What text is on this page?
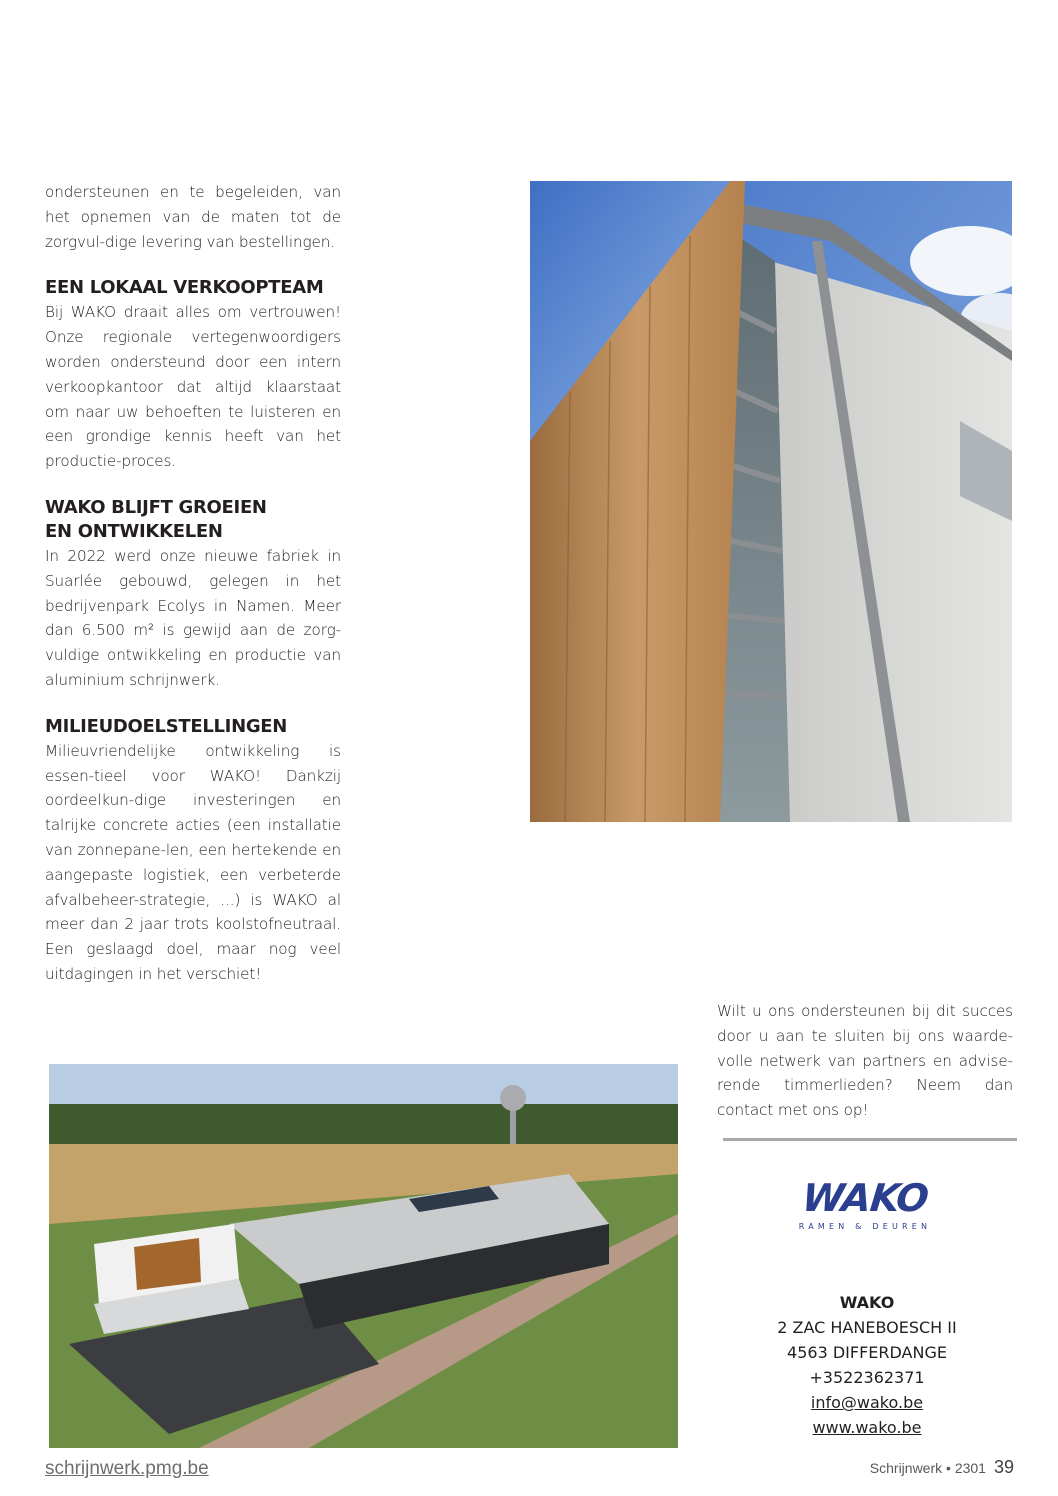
ondersteunen en te begeleiden, van het opnemen van de maten tot de zorgvul-dige levering van bestellingen.

EEN LOKAAL VERKOOPTEAM

Bij WAKO draait alles om vertrouwen! Onze regionale vertegenwoordigers worden ondersteund door een intern verkoopkantoor dat altijd klaarstaat om naar uw behoeften te luisteren en een grondige kennis heeft van het productie-proces.

WAKO BLIJFT GROEIEN
EN ONTWIKKELEN

In 2022 werd onze nieuwe fabriek in Suarlée gebouwd, gelegen in het bedrijvenpark Ecolys in Namen. Meer dan 6.500 m² is gewijd aan de zorg-vuldige ontwikkeling en productie van aluminium schrijnwerk.

MILIEUDOELSTELLINGEN

Milieuvriendelijke ontwikkeling is essen-tieel voor WAKO! Dankzij oordeelkun-dige investeringen en talrijke concrete acties (een installatie van zonnepane-len, een hertekende en aangepaste logistiek, een verbeterde afvalbeheer-strategie, ...) is WAKO al meer dan 2 jaar trots koolstofneutraal. Een geslaagd doel, maar nog veel uitdagingen in het verschiet!

Wilt u ons ondersteunen bij dit succes door u aan te sluiten bij ons waarde-volle netwerk van partners en advise-rende timmerlieden? Neem dan contact met ons op!

WAKO
RAMEN & DEUREN
WAKO
2 ZAC HANEBOESCH II
4563 DIFFERDANGE
+3522362371
info@wako.be
www.wako.be
schrijnwerk.pmg.be	Schrijnwerk • 2301 39
